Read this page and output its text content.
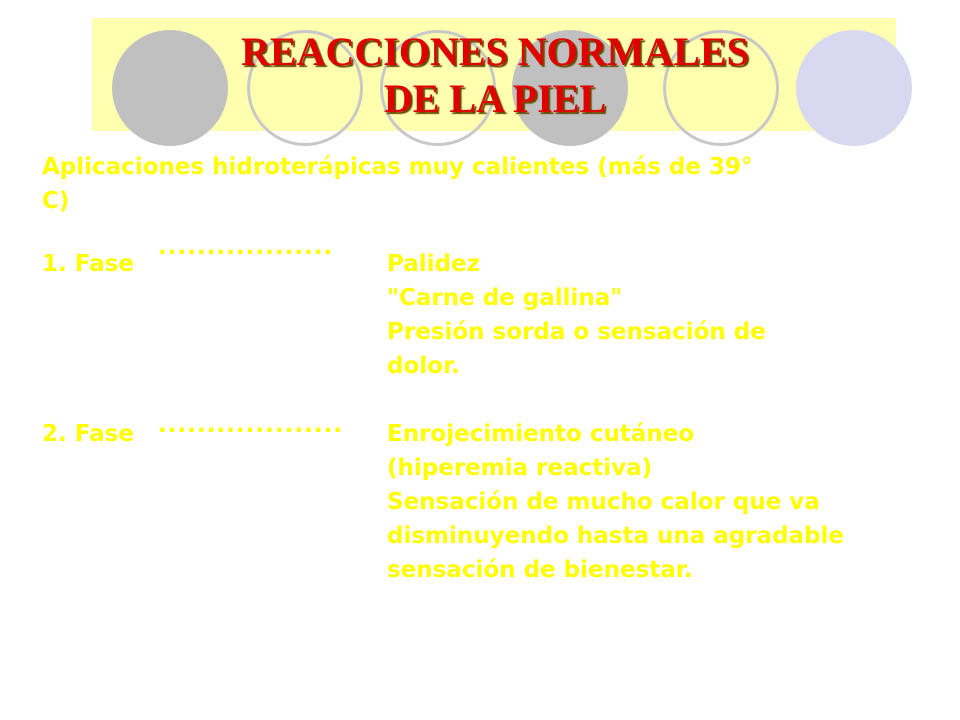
REACCIONES NORMALES
DE LA PIEL
Aplicaciones hidroterápicas muy calientes (más de 39°
C)
1. Fase ·················· Palidez
"Carne de gallina"
Presión sorda o sensación de
dolor.
2. Fase ··················· Enrojecimiento cutáneo
(hiperemia reactiva)
Sensación de mucho calor que va
disminuyendo hasta una agradable
sensación de bienestar.
